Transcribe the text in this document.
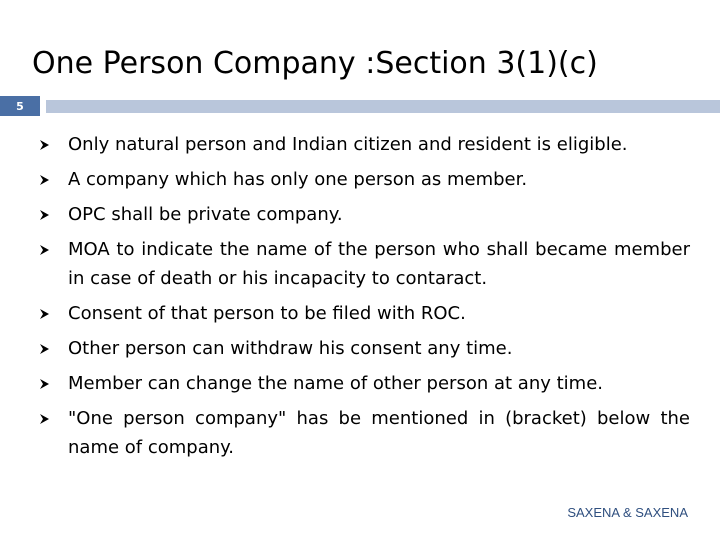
One Person Company :Section 3(1)(c)
5
Only natural person and Indian citizen and resident is eligible.
A company which has only one person as member.
OPC shall be private company.
MOA to indicate the name of the person who shall became member in case of death or his incapacity to contaract.
Consent of that person to be filed with ROC.
Other person can withdraw his consent any time.
Member can change the name of other person at any time.
"One person company" has be mentioned in (bracket) below the name of company.
SAXENA & SAXENA
